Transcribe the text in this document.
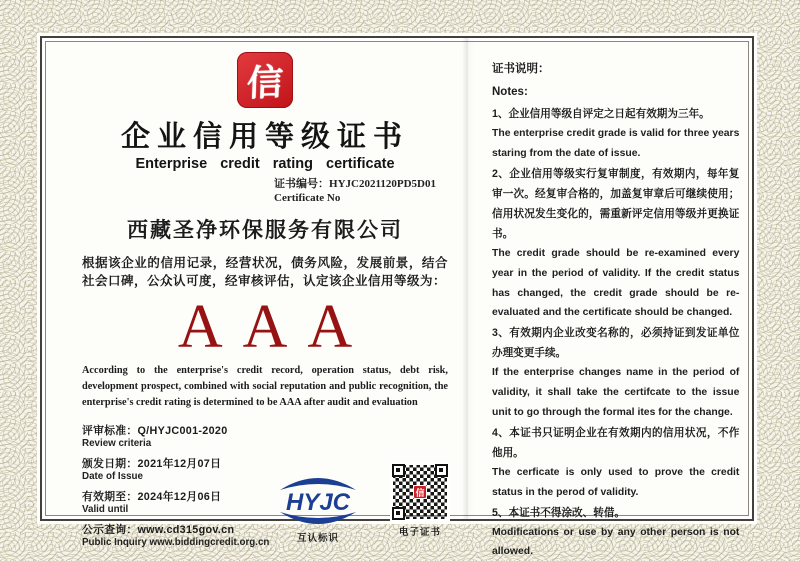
信
企业信用等级证书
Enterprise credit rating certificate
证书编号：HYJC2021120PD5D01
Certificate No
西藏圣净环保服务有限公司

根据该企业的信用记录，经营状况，债务风险，发展前景，结合社会口碑，公众认可度，经审核评估，认定该企业信用等级为：

AAA

According to the enterprise's credit record, operation status, debt risk, development prospect, combined with social reputation and public recognition, the enterprise's credit rating is determined to be AAA after audit and evaluation

评审标准：Q/HYJC001-2020
Review criteria
颁发日期：2021年12月07日
Date of Issue
有效期至：2024年12月06日
Valid until
公示查询：www.cd315gov.cn
Public Inquiry www.biddingcredit.org.cn
HYJC
互认标识
信
电子证书
证书说明：
Notes:

1、企业信用等级自评定之日起有效期为三年。

The enterprise credit grade is valid for three years staring from the date of issue.

2、企业信用等级实行复审制度，有效期内，每年复审一次。经复审合格的，加盖复审章后可继续使用；信用状况发生变化的，需重新评定信用等级并更换证书。

The credit grade should be re-examined every year in the period of validity. If the credit status has changed, the credit grade should be re-evaluated and the certificate should be changed.

3、有效期内企业改变名称的，必须持证到发证单位办理变更手续。

If the enterprise changes name in the period of validity, it shall take the certifcate to the issue unit to go through the formal ites for the change.

4、本证书只证明企业在有效期内的信用状况，不作他用。

The cerficate is only used to prove the credit status in the perod of validity.

5、本证书不得涂改、转借。

Modifications or use by any other person is not allowed.
